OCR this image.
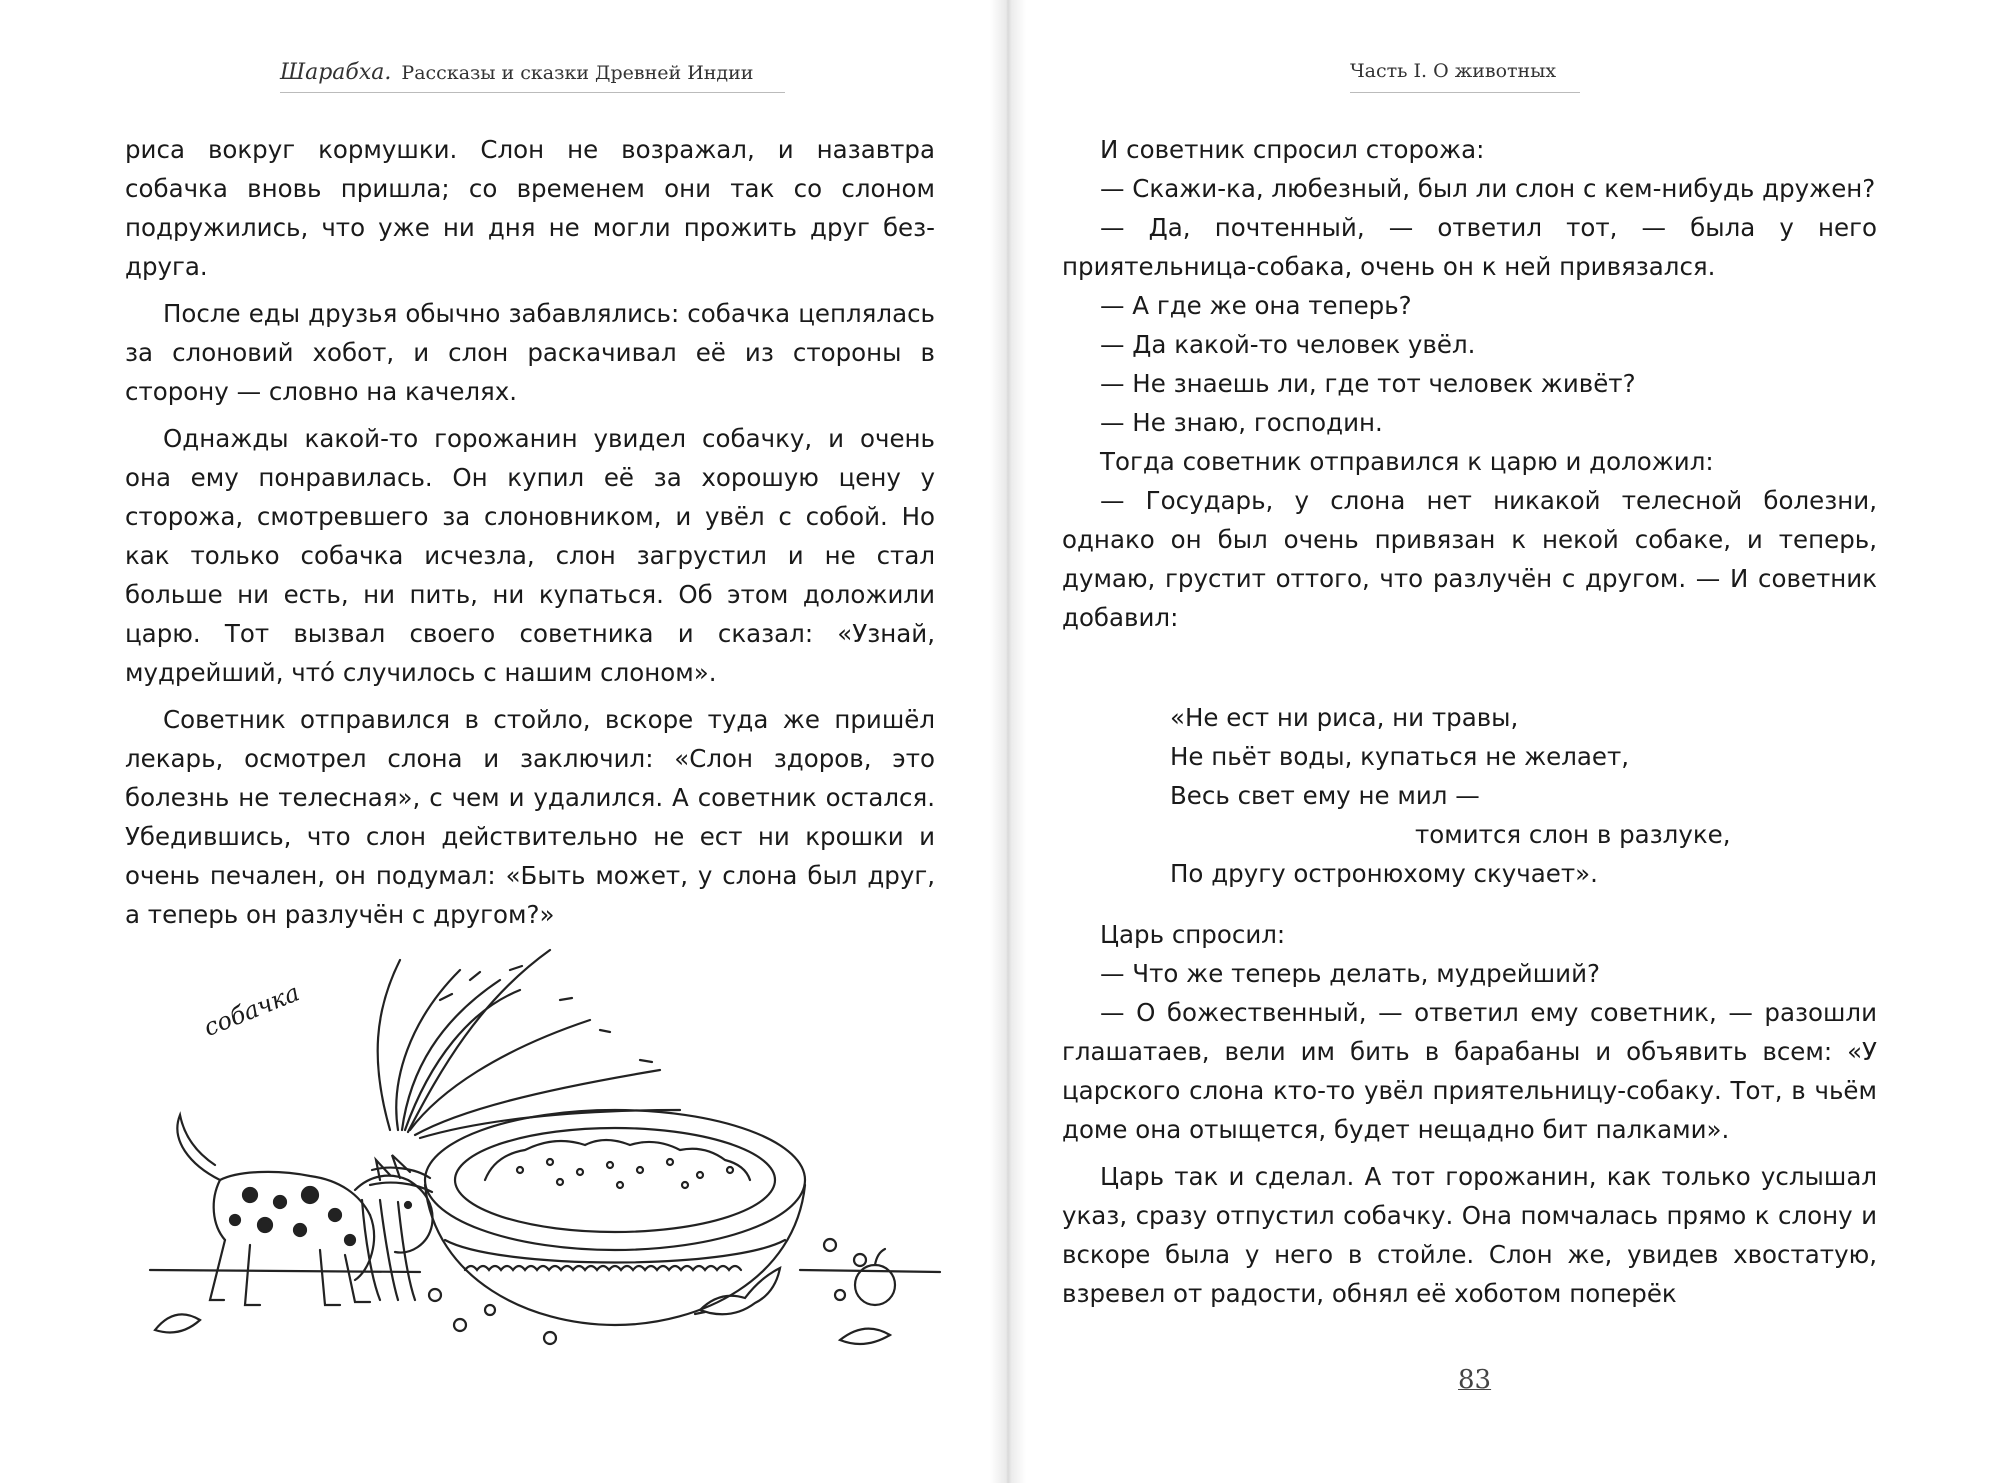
Шарабха. Рассказы и сказки Древней Индии

риса вокруг кормушки. Слон не возражал, и назавтра собачка вновь пришла; со временем они так со слоном подружились, что уже ни дня не могли прожить друг без-друга.

После еды друзья обычно забавлялись: собачка цеплялась за слоновий хобот, и слон раскачивал её из стороны в сторону — словно на качелях.

Однажды какой-то горожанин увидел собачку, и очень она ему понравилась. Он купил её за хорошую цену у сторожа, смотревшего за слоновником, и увёл с собой. Но как только собачка исчезла, слон загрустил и не стал больше ни есть, ни пить, ни купаться. Об этом доложили царю. Тот вызвал своего советника и сказал: «Узнай, мудрейший, что́ случилось с нашим слоном».

Советник отправился в стойло, вскоре туда же пришёл лекарь, осмотрел слона и заключил: «Слон здоров, это болезнь не телесная», с чем и удалился. А советник остался. Убедившись, что слон действительно не ест ни крошки и очень печален, он подумал: «Быть может, у слона был друг, а теперь он разлучён с другом?»

собачка
Часть I. О животных

И советник спросил сторожа:

— Скажи-ка, любезный, был ли слон с кем-нибудь дружен?

— Да, почтенный, — ответил тот, — была у него приятельница-собака, очень он к ней привязался.

— А где же она теперь?

— Да какой-то человек увёл.

— Не знаешь ли, где тот человек живёт?

— Не знаю, господин.

Тогда советник отправился к царю и доложил:

— Государь, у слона нет никакой телесной болезни, однако он был очень привязан к некой собаке, и теперь, думаю, грустит оттого, что разлучён с другом. — И советник добавил:

«Не ест ни риса, ни травы,

Не пьёт воды, купаться не желает,

Весь свет ему не мил —

томится слон в разлуке,

По другу остронюхому скучает».

Царь спросил:

— Что же теперь делать, мудрейший?

— О божественный, — ответил ему советник, — разошли глашатаев, вели им бить в барабаны и объявить всем: «У царского слона кто-то увёл приятельницу-собаку. Тот, в чьём доме она отыщется, будет нещадно бит палками».

Царь так и сделал. А тот горожанин, как только услышал указ, сразу отпустил собачку. Она помчалась прямо к слону и вскоре была у него в стойле. Слон же, увидев хвостатую, взревел от радости, обнял её хоботом поперёк

83
